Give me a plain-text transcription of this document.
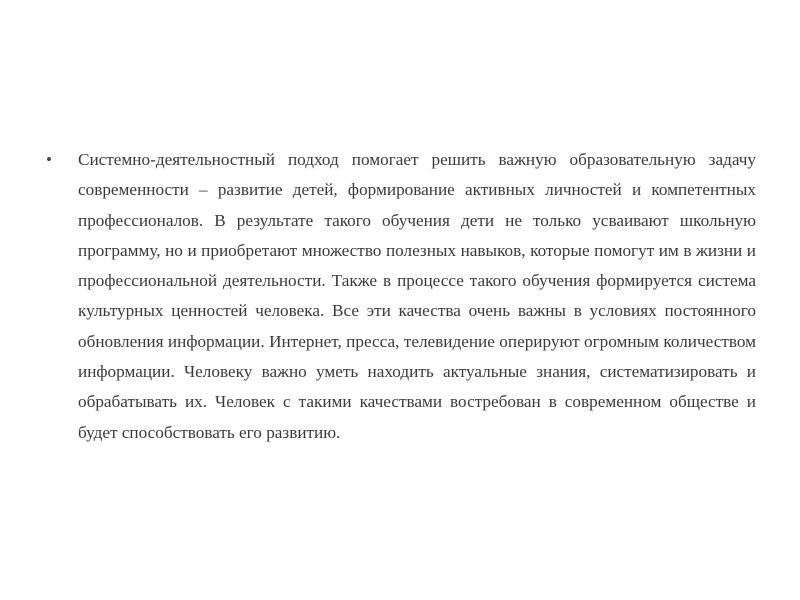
•	Системно-деятельностный подход помогает решить важную образовательную задачу современности – развитие детей, формирование активных личностей и компетентных профессионалов. В результате такого обучения дети не только усваивают школьную программу, но и приобретают множество полезных навыков, которые помогут им в жизни и профессиональной деятельности. Также в процессе такого обучения формируется система культурных ценностей человека. Все эти качества очень важны в условиях постоянного обновления информации. Интернет, пресса, телевидение оперируют огромным количеством информации. Человеку важно уметь находить актуальные знания, систематизировать и обрабатывать их. Человек с такими качествами востребован в современном обществе и будет способствовать его развитию.
